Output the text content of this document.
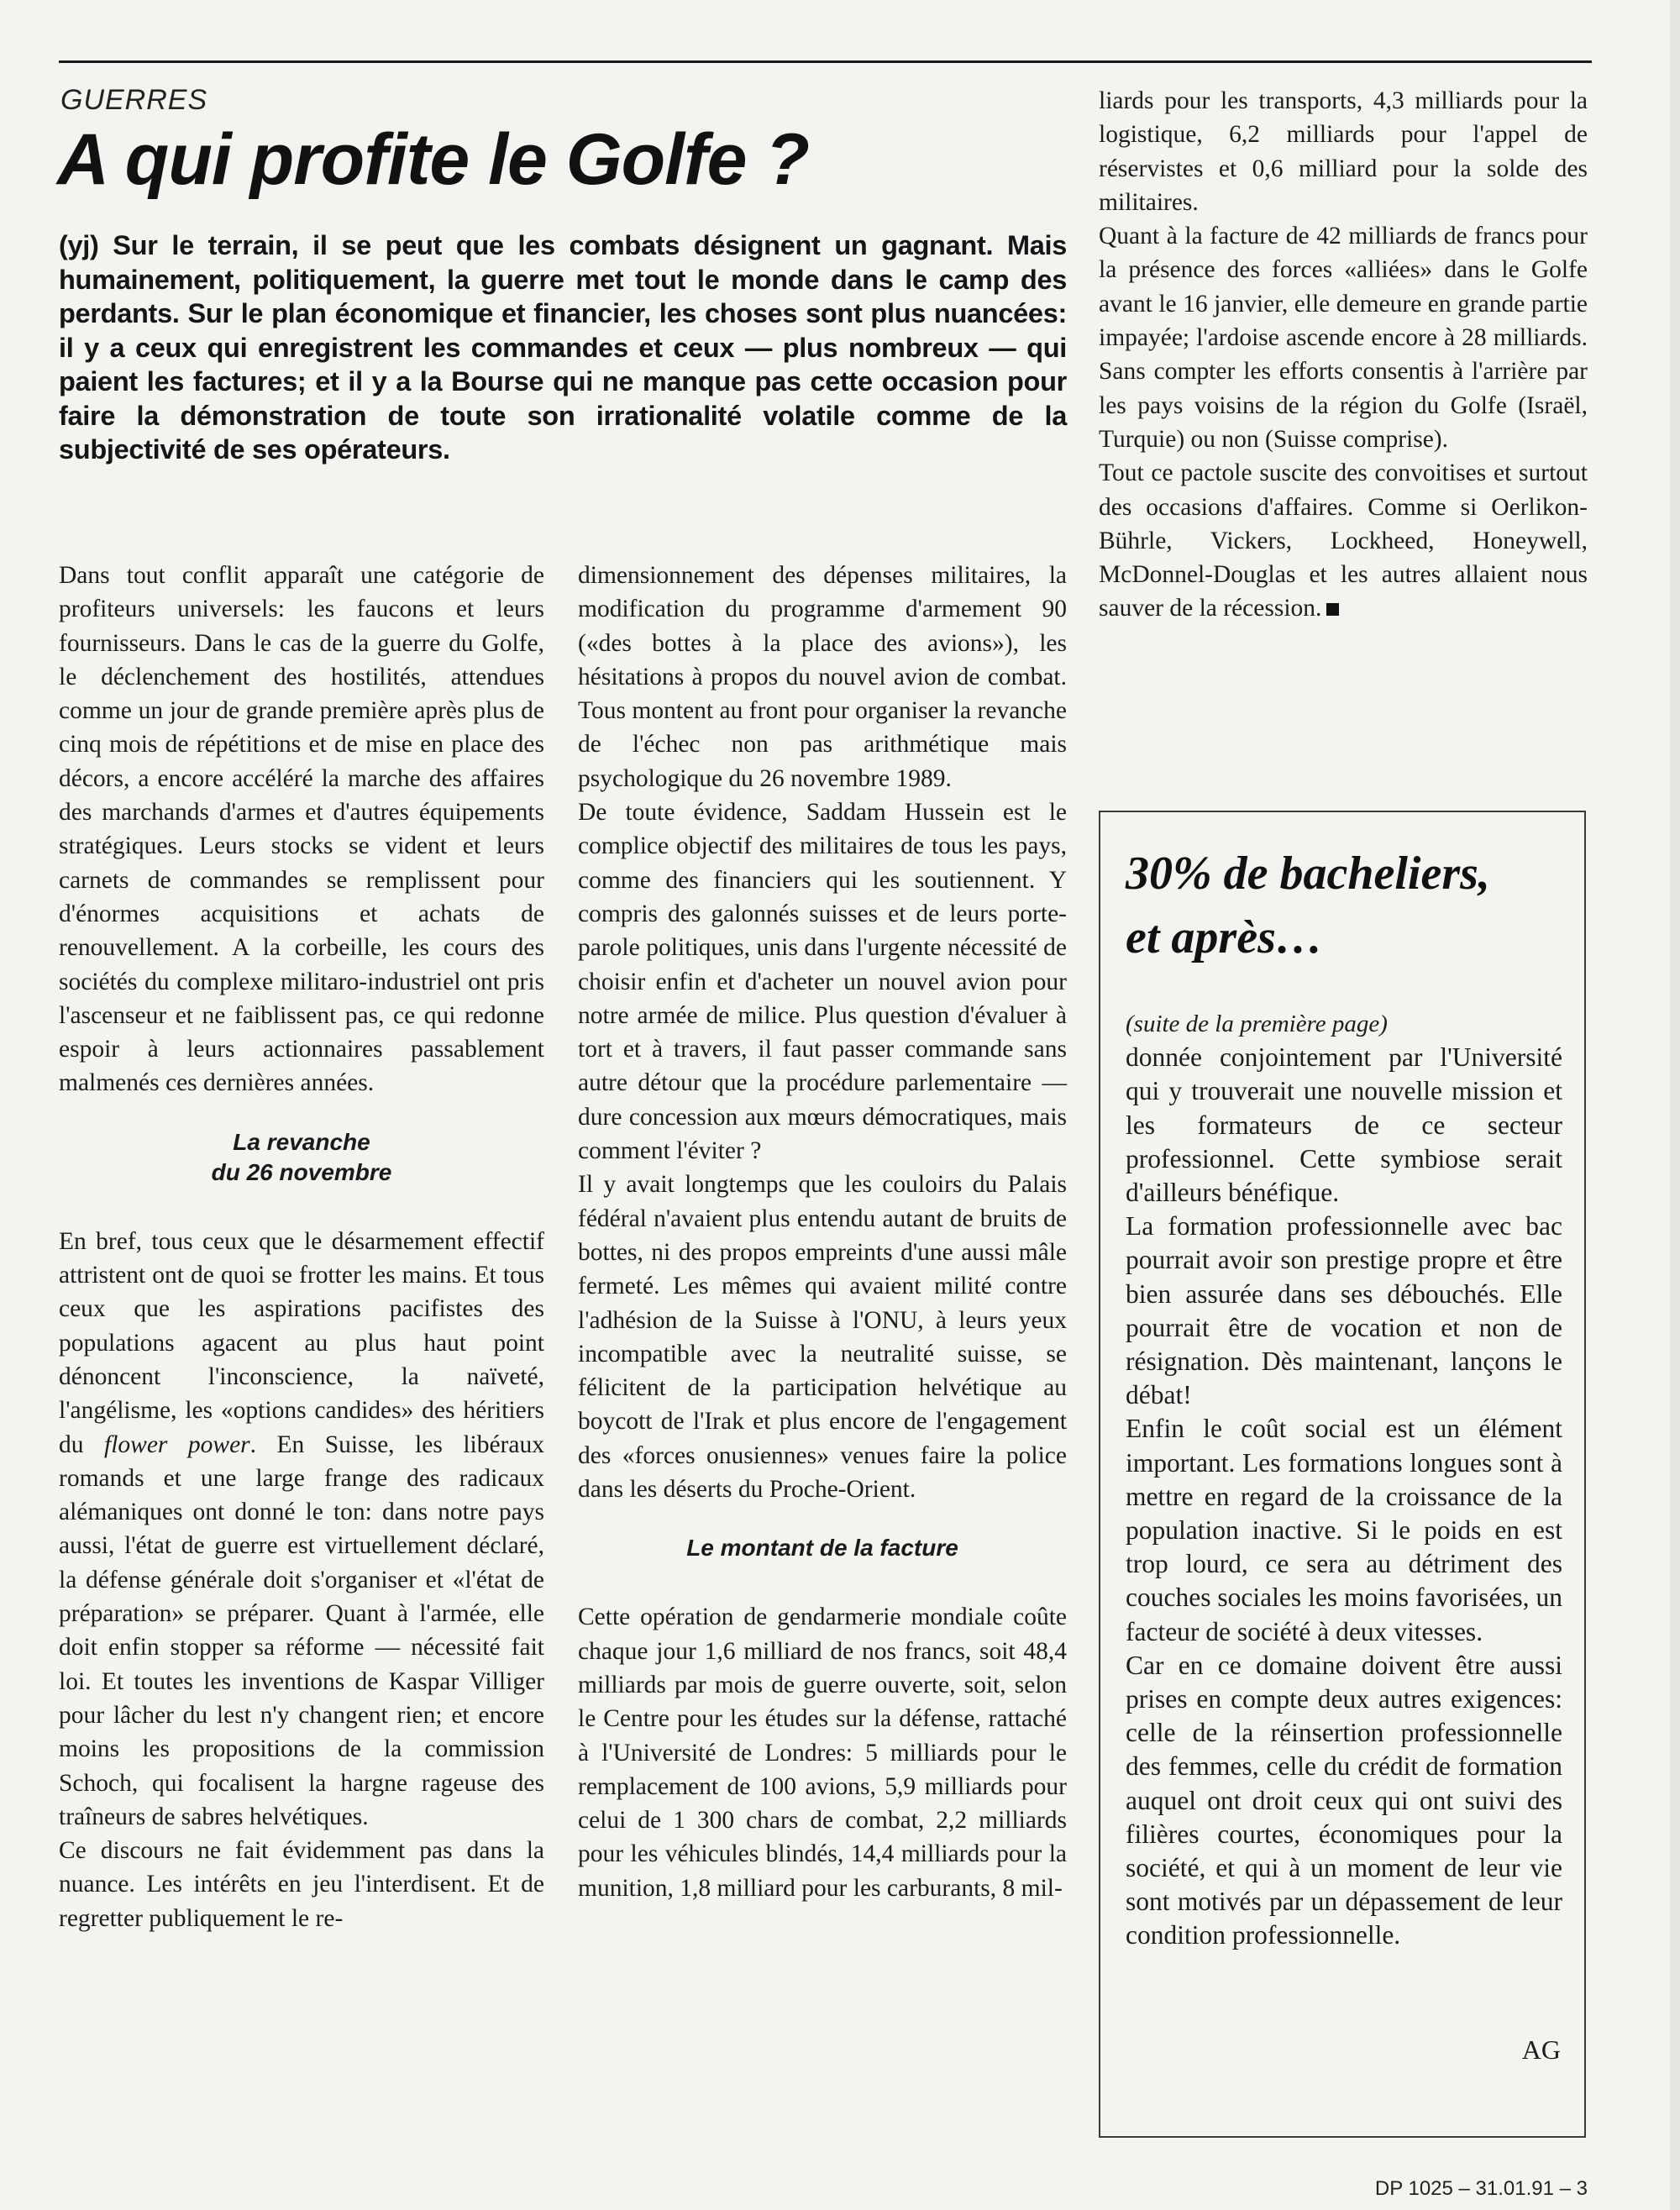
GUERRES
A qui profite le Golfe ?

(yj) Sur le terrain, il se peut que les combats désignent un gagnant. Mais humainement, politiquement, la guerre met tout le monde dans le camp des perdants. Sur le plan économique et financier, les choses sont plus nuancées: il y a ceux qui enregistrent les commandes et ceux — plus nombreux — qui paient les factures; et il y a la Bourse qui ne manque pas cette occasion pour faire la démonstration de toute son irrationalité volatile comme de la subjectivité de ses opérateurs.

Dans tout conflit apparaît une catégorie de profiteurs universels: les faucons et leurs fournisseurs. Dans le cas de la guerre du Golfe, le déclenchement des hostilités, attendues comme un jour de grande première après plus de cinq mois de répétitions et de mise en place des décors, a encore accéléré la marche des affaires des marchands d'armes et d'autres équipements stratégiques. Leurs stocks se vident et leurs carnets de commandes se remplissent pour d'énormes acquisitions et achats de renouvellement. A la corbeille, les cours des sociétés du complexe militaro-industriel ont pris l'ascenseur et ne faiblissent pas, ce qui redonne espoir à leurs actionnaires passablement malmenés ces dernières années.

La revanche
du 26 novembre

En bref, tous ceux que le désarmement effectif attristent ont de quoi se frotter les mains. Et tous ceux que les aspirations pacifistes des populations agacent au plus haut point dénoncent l'inconscience, la naïveté, l'angélisme, les «options candides» des héritiers du flower power. En Suisse, les libéraux romands et une large frange des radicaux alémaniques ont donné le ton: dans notre pays aussi, l'état de guerre est virtuellement déclaré, la défense générale doit s'organiser et «l'état de préparation» se préparer. Quant à l'armée, elle doit enfin stopper sa réforme — nécessité fait loi. Et toutes les inventions de Kaspar Villiger pour lâcher du lest n'y changent rien; et encore moins les propositions de la commission Schoch, qui focalisent la hargne rageuse des traîneurs de sabres helvétiques.

Ce discours ne fait évidemment pas dans la nuance. Les intérêts en jeu l'interdisent. Et de regretter publiquement le re-

dimensionnement des dépenses militaires, la modification du programme d'armement 90 («des bottes à la place des avions»), les hésitations à propos du nouvel avion de combat. Tous montent au front pour organiser la revanche de l'échec non pas arithmétique mais psychologique du 26 novembre 1989.

De toute évidence, Saddam Hussein est le complice objectif des militaires de tous les pays, comme des financiers qui les soutiennent. Y compris des galonnés suisses et de leurs porte-parole politiques, unis dans l'urgente nécessité de choisir enfin et d'acheter un nouvel avion pour notre armée de milice. Plus question d'évaluer à tort et à travers, il faut passer commande sans autre détour que la procédure parlementaire — dure concession aux mœurs démocratiques, mais comment l'éviter ?

Il y avait longtemps que les couloirs du Palais fédéral n'avaient plus entendu autant de bruits de bottes, ni des propos empreints d'une aussi mâle fermeté. Les mêmes qui avaient milité contre l'adhésion de la Suisse à l'ONU, à leurs yeux incompatible avec la neutralité suisse, se félicitent de la participation helvétique au boycott de l'Irak et plus encore de l'engagement des «forces onusiennes» venues faire la police dans les déserts du Proche-Orient.

Le montant de la facture

Cette opération de gendarmerie mondiale coûte chaque jour 1,6 milliard de nos francs, soit 48,4 milliards par mois de guerre ouverte, soit, selon le Centre pour les études sur la défense, rattaché à l'Université de Londres: 5 milliards pour le remplacement de 100 avions, 5,9 milliards pour celui de 1 300 chars de combat, 2,2 milliards pour les véhicules blindés, 14,4 milliards pour la munition, 1,8 milliard pour les carburants, 8 mil-

liards pour les transports, 4,3 milliards pour la logistique, 6,2 milliards pour l'appel de réservistes et 0,6 milliard pour la solde des militaires.

Quant à la facture de 42 milliards de francs pour la présence des forces «alliées» dans le Golfe avant le 16 janvier, elle demeure en grande partie impayée; l'ardoise ascende encore à 28 milliards. Sans compter les efforts consentis à l'arrière par les pays voisins de la région du Golfe (Israël, Turquie) ou non (Suisse comprise).

Tout ce pactole suscite des convoitises et surtout des occasions d'affaires. Comme si Oerlikon-Bührle, Vickers, Lockheed, Honeywell, McDonnel-Douglas et les autres allaient nous sauver de la récession.

30% de bacheliers,
et après…

(suite de la première page)

donnée conjointement par l'Université qui y trouverait une nouvelle mission et les formateurs de ce secteur professionnel. Cette symbiose serait d'ailleurs bénéfique.

La formation professionnelle avec bac pourrait avoir son prestige propre et être bien assurée dans ses débouchés. Elle pourrait être de vocation et non de résignation. Dès maintenant, lançons le débat!

Enfin le coût social est un élément important. Les formations longues sont à mettre en regard de la croissance de la population inactive. Si le poids en est trop lourd, ce sera au détriment des couches sociales les moins favorisées, un facteur de société à deux vitesses.

Car en ce domaine doivent être aussi prises en compte deux autres exigences: celle de la réinsertion professionnelle des femmes, celle du crédit de formation auquel ont droit ceux qui ont suivi des filières courtes, économiques pour la société, et qui à un moment de leur vie sont motivés par un dépassement de leur condition professionnelle.

AG
DP 1025 – 31.01.91 – 3
